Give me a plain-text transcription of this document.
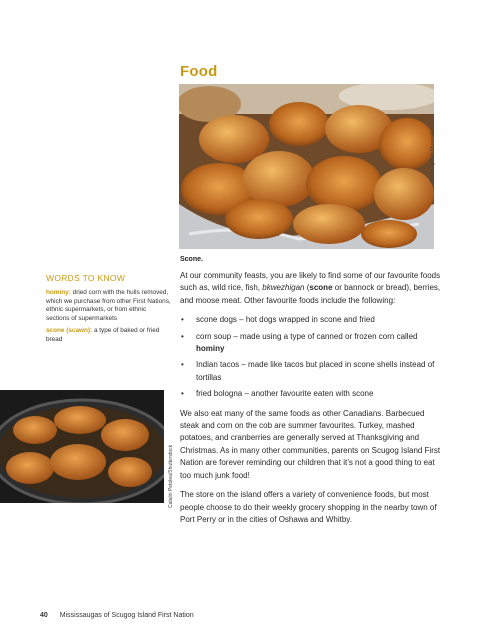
Food
Photo by Kim Muskratt
Scone.
WORDS TO KNOW
hominy: dried corn with the hulls removed, which we purchase from other First Nations, ethnic supermarkets, or from ethnic sections of supermarkets
scone (scawn): a type of baked or fried bread
Catalin Petolea/Shutterstock

At our community feasts, you are likely to find some of our favourite foods such as, wild rice, fish, bkwezhigan (scone or bannock or bread), berries, and moose meat. Other favourite foods include the following:

• scone dogs – hot dogs wrapped in scone and fried
• corn soup – made using a type of canned or frozen corn called hominy
• Indian tacos – made like tacos but placed in scone shells instead of tortillas
• fried bologna – another favourite eaten with scone

We also eat many of the same foods as other Canadians. Barbecued steak and corn on the cob are summer favourites. Turkey, mashed potatoes, and cranberries are generally served at Thanksgiving and Christmas. As in many other communities, parents on Scugog Island First Nation are forever reminding our children that it’s not a good thing to eat too much junk food!

The store on the island offers a variety of convenience foods, but most people choose to do their weekly grocery shopping in the nearby town of Port Perry or in the cities of Oshawa and Whitby.

40 Mississaugas of Scugog Island First Nation
